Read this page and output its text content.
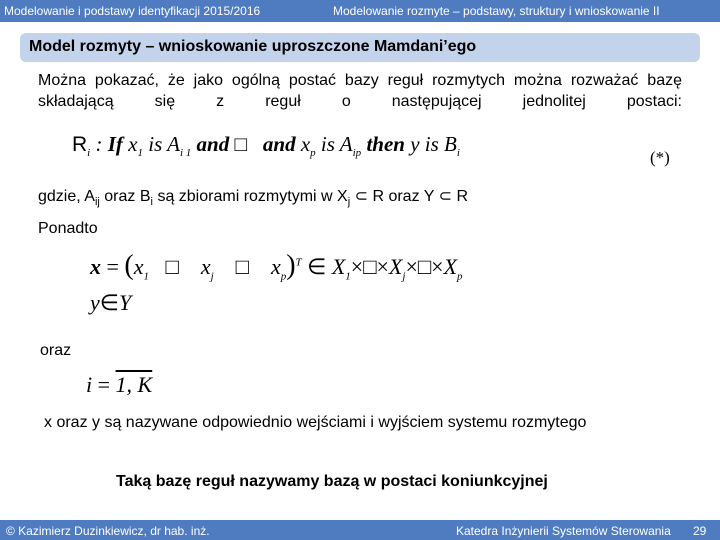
Modelowanie i podstawy identyfikacji 2015/2016	Modelowanie rozmyte – podstawy, struktury i wnioskowanie II
Model rozmyty – wnioskowanie uproszczone Mamdani’ego
Można pokazać, że jako ogólną postać bazy reguł rozmytych można rozważać bazę składającą się z reguł o następującej jednolitej postaci:
$R_i$ : If $x_1$ is $A_{i 1}$ and □ and $x_p$ is $A_{ip}$ then y is $B_i$	(*)
gdzie, $A_{ij}$ oraz $B_i$ są zbiorami rozmytymi w $X_j$ ⊂ R oraz Y ⊂ R
Ponadto
$x = (x_1$ □ $x_j$ □ $x_p)^T$ ∈ $X_1\times□\times X_j\times□\times X_p$
y∈Y
oraz
i = 1, K
x oraz y są nazywane odpowiednio wejściami i wyjściem systemu rozmytego
Taką bazę reguł nazywamy bazą w postaci koniunkcyjnej
© Kazimierz Duzinkiewicz, dr hab. inż.	Katedra Inżynierii Systemów Sterowania 29
